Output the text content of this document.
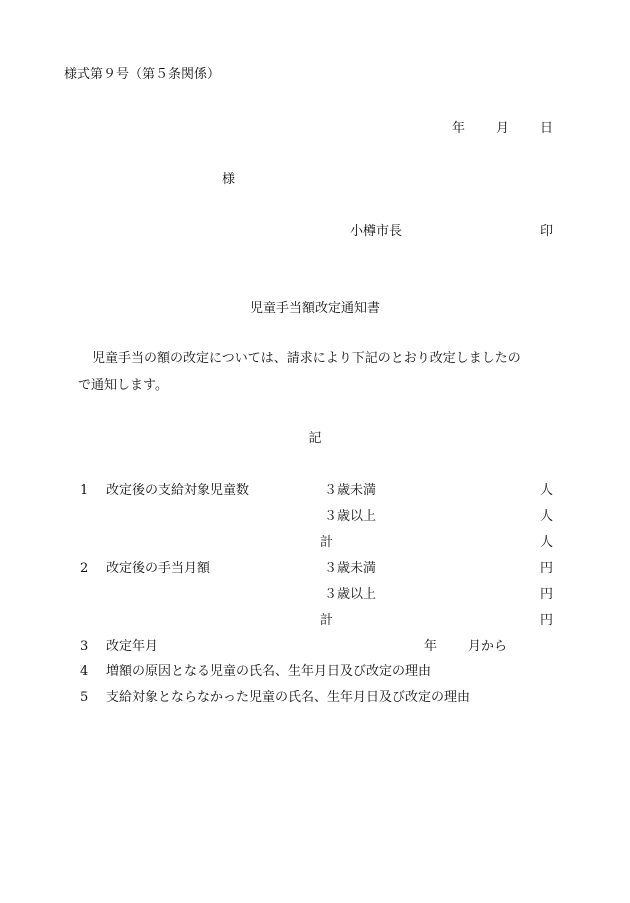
様式第９号（第５条関係）
年 月 日
様
小樽市長	印
児童手当額改定通知書
児童手当の額の改定については、請求により下記のとおり改定しましたの
で通知します。
記
1 改定後の支給対象児童数	３歳未満	人
３歳以上	人
計	人
2 改定後の手当月額	３歳未満	円
３歳以上	円
計	円
3 改定年月	年 月から
4 増額の原因となる児童の氏名、生年月日及び改定の理由
5 支給対象とならなかった児童の氏名、生年月日及び改定の理由
